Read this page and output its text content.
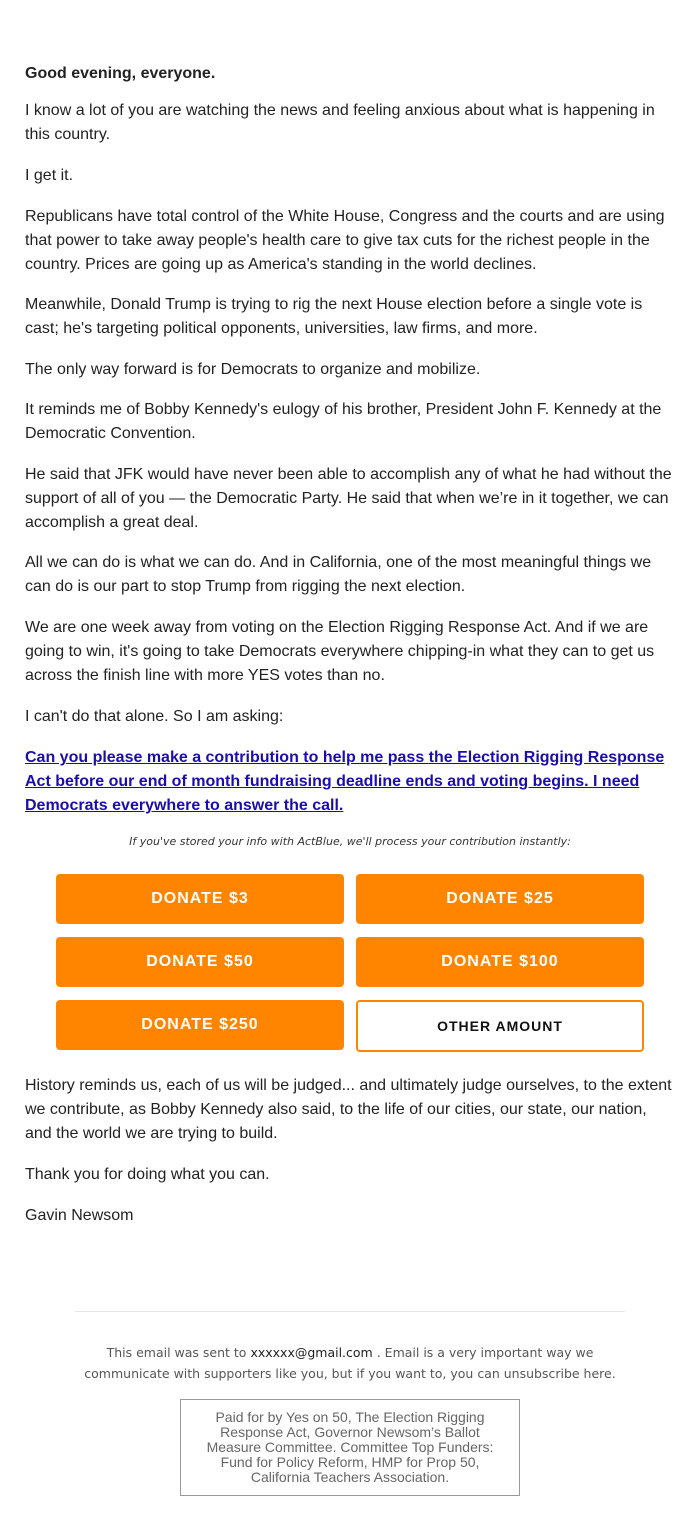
Good evening, everyone.

I know a lot of you are watching the news and feeling anxious about what is happening in this country.

I get it.

Republicans have total control of the White House, Congress and the courts and are using that power to take away people's health care to give tax cuts for the richest people in the country. Prices are going up as America's standing in the world declines.

Meanwhile, Donald Trump is trying to rig the next House election before a single vote is cast; he's targeting political opponents, universities, law firms, and more.

The only way forward is for Democrats to organize and mobilize.

It reminds me of Bobby Kennedy's eulogy of his brother, President John F. Kennedy at the Democratic Convention.

He said that JFK would have never been able to accomplish any of what he had without the support of all of you — the Democratic Party. He said that when we’re in it together, we can accomplish a great deal.

All we can do is what we can do. And in California, one of the most meaningful things we can do is our part to stop Trump from rigging the next election.

We are one week away from voting on the Election Rigging Response Act. And if we are going to win, it's going to take Democrats everywhere chipping-in what they can to get us across the finish line with more YES votes than no.

I can't do that alone. So I am asking:

Can you please make a contribution to help me pass the Election Rigging Response Act before our end of month fundraising deadline ends and voting begins. I need Democrats everywhere to answer the call.
If you've stored your info with ActBlue, we'll process your contribution instantly:
DONATE $3	DONATE $25
DONATE $50	DONATE $100
DONATE $250	OTHER AMOUNT

History reminds us, each of us will be judged... and ultimately judge ourselves, to the extent we contribute, as Bobby Kennedy also said, to the life of our cities, our state, our nation, and the world we are trying to build.

Thank you for doing what you can.

Gavin Newsom

This email was sent to xxxxxx@gmail.com . Email is a very important way we communicate with supporters like you, but if you want to, you can unsubscribe here.
Paid for by Yes on 50, The Election Rigging Response Act, Governor Newsom’s Ballot Measure Committee. Committee Top Funders: Fund for Policy Reform, HMP for Prop 50, California Teachers Association.
